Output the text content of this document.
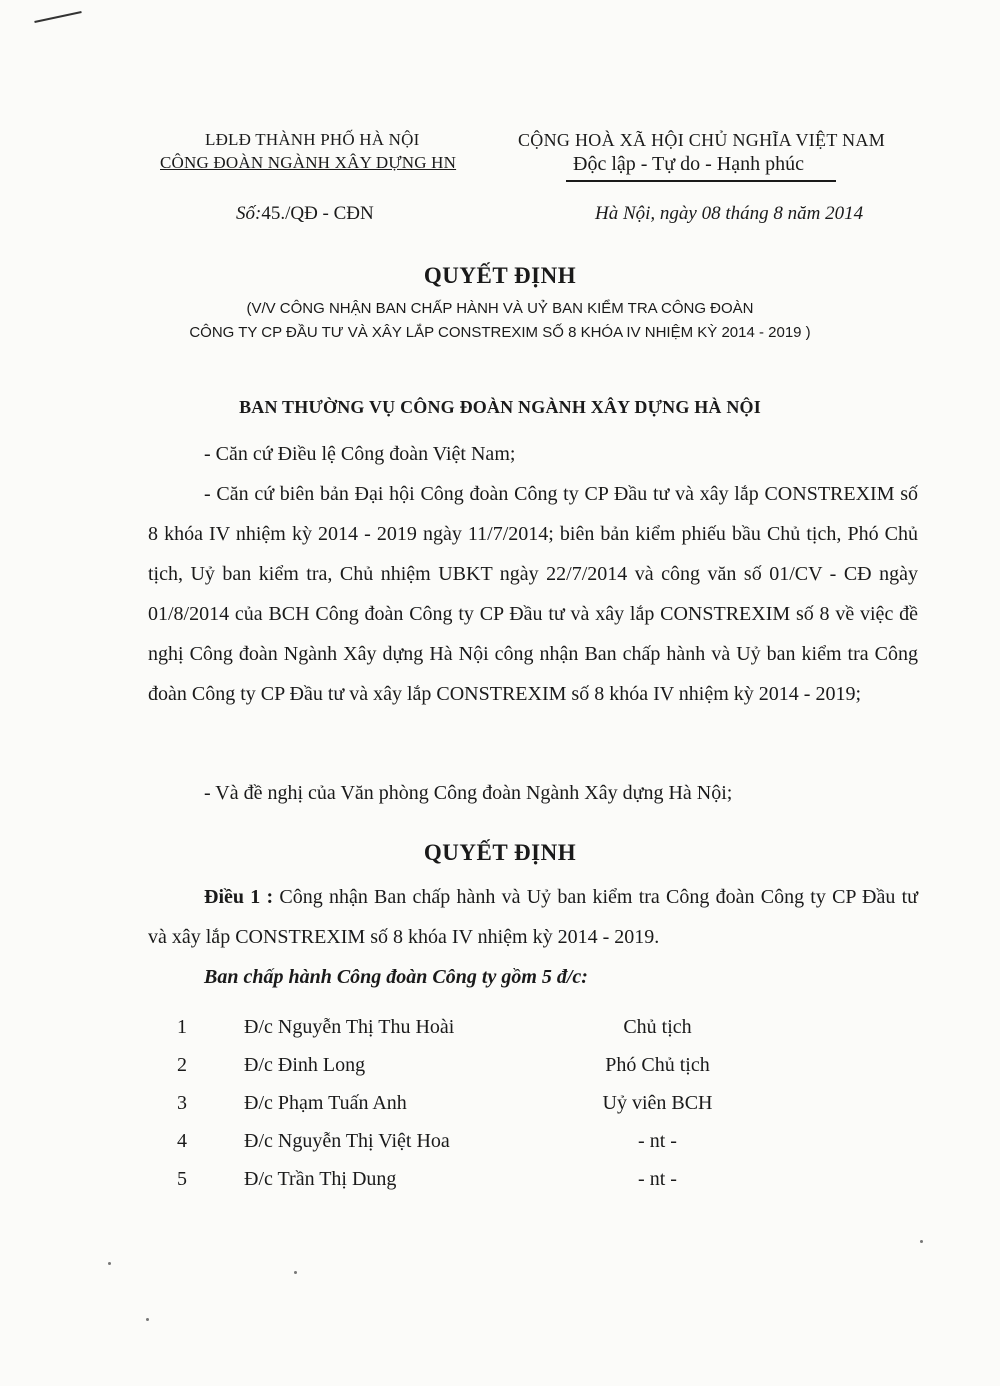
LĐLĐ THÀNH PHỐ HÀ NỘI
CÔNG ĐOÀN NGÀNH XÂY DỰNG HN
CỘNG HOÀ XÃ HỘI CHỦ NGHĨA VIỆT NAM
Độc lập - Tự do - Hạnh phúc
Số:45./QĐ - CĐN	Hà Nội, ngày 08 tháng 8 năm 2014
QUYẾT ĐỊNH
(V/V CÔNG NHẬN BAN CHẤP HÀNH VÀ UỶ BAN KIỂM TRA CÔNG ĐOÀN
CÔNG TY CP ĐẦU TƯ VÀ XÂY LẮP CONSTREXIM SỐ 8 KHÓA IV NHIỆM KỲ 2014 - 2019 )
BAN THƯỜNG VỤ CÔNG ĐOÀN NGÀNH XÂY DỰNG HÀ NỘI
- Căn cứ Điều lệ Công đoàn Việt Nam;
- Căn cứ biên bản Đại hội Công đoàn Công ty CP Đầu tư và xây lắp CONSTREXIM số 8 khóa IV nhiệm kỳ 2014 - 2019 ngày 11/7/2014; biên bản kiểm phiếu bầu Chủ tịch, Phó Chủ tịch, Uỷ ban kiểm tra, Chủ nhiệm UBKT ngày 22/7/2014 và công văn số 01/CV - CĐ ngày 01/8/2014 của BCH Công đoàn Công ty CP Đầu tư và xây lắp CONSTREXIM số 8 về việc đề nghị Công đoàn Ngành Xây dựng Hà Nội công nhận Ban chấp hành và Uỷ ban kiểm tra Công đoàn Công ty CP Đầu tư và xây lắp CONSTREXIM số 8 khóa IV nhiệm kỳ 2014 - 2019;
- Và đề nghị của Văn phòng Công đoàn Ngành Xây dựng Hà Nội;
QUYẾT ĐỊNH
Điều 1 : Công nhận Ban chấp hành và Uỷ ban kiểm tra Công đoàn Công ty CP Đầu tư và xây lắp CONSTREXIM số 8 khóa IV nhiệm kỳ 2014 - 2019.
Ban chấp hành Công đoàn Công ty gồm 5 đ/c:
1	Đ/c Nguyễn Thị Thu Hoài	Chủ tịch
2	Đ/c Đinh Long	Phó Chủ tịch
3	Đ/c Phạm Tuấn Anh	Uỷ viên BCH
4	Đ/c Nguyễn Thị Việt Hoa	- nt -
5	Đ/c Trần Thị Dung	- nt -
